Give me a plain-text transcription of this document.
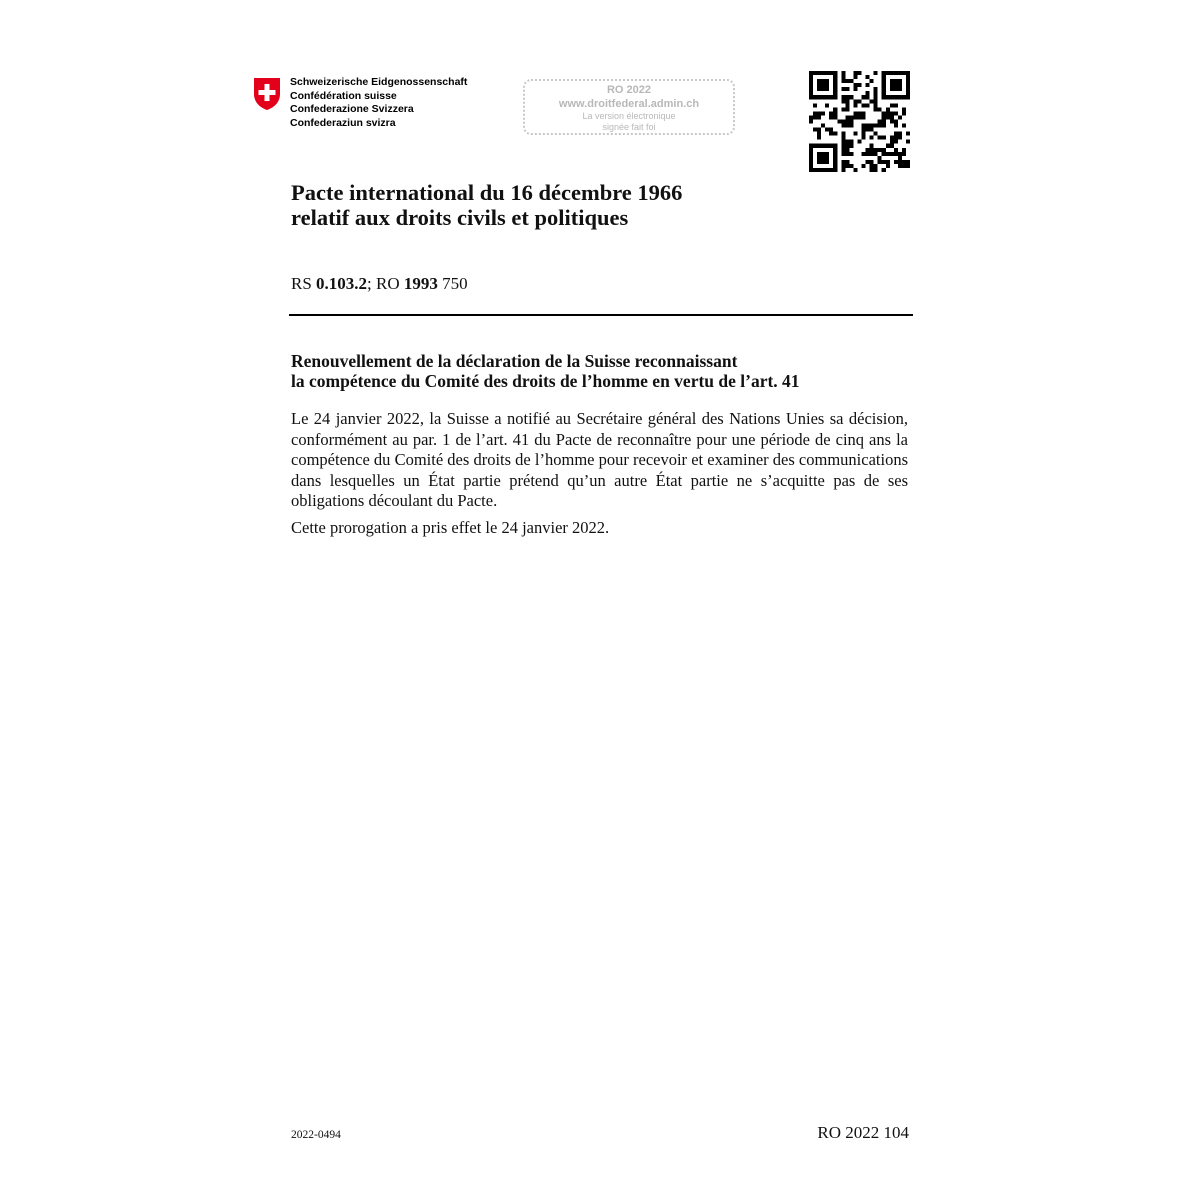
Schweizerische Eidgenossenschaft
Confédération suisse
Confederazione Svizzera
Confederaziun svizra
RO 2022
www.droitfederal.admin.ch
La version électronique
signée fait foi
Pacte international du 16 décembre 1966
relatif aux droits civils et politiques
RS 0.103.2; RO 1993 750
Renouvellement de la déclaration de la Suisse reconnaissant
la compétence du Comité des droits de l’homme en vertu de l’art. 41

Le 24 janvier 2022, la Suisse a notifié au Secrétaire général des Nations Unies sa décision, conformément au par. 1 de l’art. 41 du Pacte de reconnaître pour une période de cinq ans la compétence du Comité des droits de l’homme pour recevoir et examiner des communications dans lesquelles un État partie prétend qu’un autre État partie ne s’acquitte pas de ses obligations découlant du Pacte.

Cette prorogation a pris effet le 24 janvier 2022.

2022-0494	RO 2022 104
